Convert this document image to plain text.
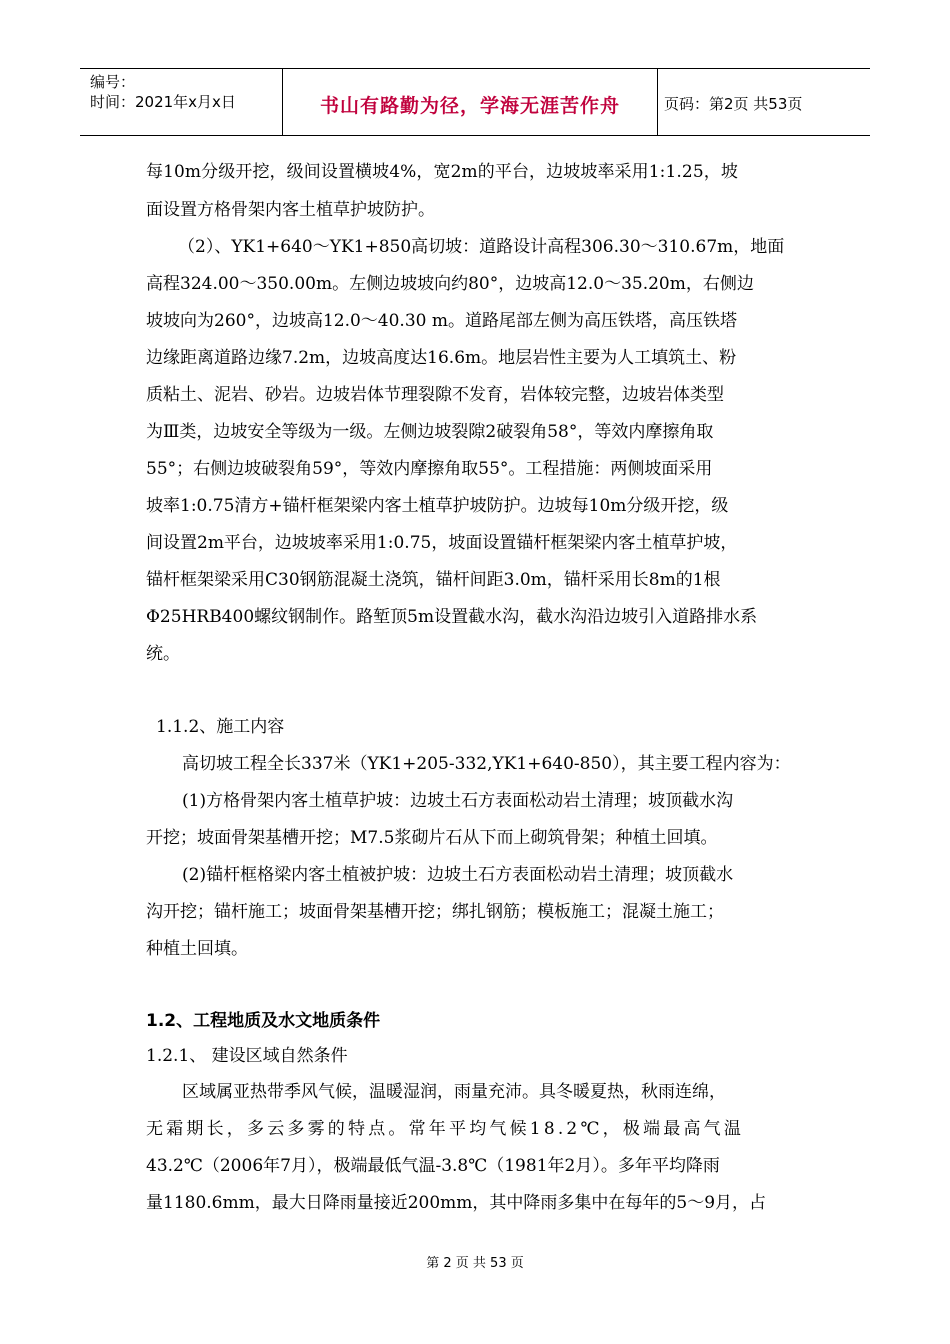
编号：
时间：2021年x月x日	书山有路勤为径，学海无涯苦作舟	页码：第2页 共53页
每10m分级开挖，级间设置横坡4%，宽2m的平台，边坡坡率采用1:1.25，坡
面设置方格骨架内客土植草护坡防护。
（2）、YK1+640～YK1+850高切坡：道路设计高程306.30～310.67m，地面
高程324.00～350.00m。左侧边坡坡向约80°，边坡高12.0～35.20m，右侧边
坡坡向为260°，边坡高12.0～40.30 m。道路尾部左侧为高压铁塔，高压铁塔
边缘距离道路边缘7.2m，边坡高度达16.6m。地层岩性主要为人工填筑土、粉
质粘土、泥岩、砂岩。边坡岩体节理裂隙不发育，岩体较完整，边坡岩体类型
为Ⅲ类，边坡安全等级为一级。左侧边坡裂隙2破裂角58°，等效内摩擦角取
55°；右侧边坡破裂角59°，等效内摩擦角取55°。工程措施：两侧坡面采用
坡率1:0.75清方+锚杆框架梁内客土植草护坡防护。边坡每10m分级开挖，级
间设置2m平台，边坡坡率采用1:0.75，坡面设置锚杆框架梁内客土植草护坡，
锚杆框架梁采用C30钢筋混凝土浇筑，锚杆间距3.0m，锚杆采用长8m的1根
Φ25HRB400螺纹钢制作。路堑顶5m设置截水沟，截水沟沿边坡引入道路排水系
统。
1.1.2、施工内容
高切坡工程全长337米（YK1+205-332,YK1+640-850），其主要工程内容为：
(1)方格骨架内客土植草护坡：边坡土石方表面松动岩土清理；坡顶截水沟
开挖；坡面骨架基槽开挖；M7.5浆砌片石从下而上砌筑骨架；种植土回填。
(2)锚杆框格梁内客土植被护坡：边坡土石方表面松动岩土清理；坡顶截水
沟开挖；锚杆施工；坡面骨架基槽开挖；绑扎钢筋；模板施工；混凝土施工；
种植土回填。
1.2、工程地质及水文地质条件
1.2.1、 建设区域自然条件
区域属亚热带季风气候，温暖湿润，雨量充沛。具冬暖夏热，秋雨连绵，
无霜期长，多云多雾的特点。常年平均气候18.2℃，极端最高气温
43.2℃（2006年7月），极端最低气温-3.8℃（1981年2月）。多年平均降雨
量1180.6mm，最大日降雨量接近200mm，其中降雨多集中在每年的5～9月，占
第 2 页 共 53 页
